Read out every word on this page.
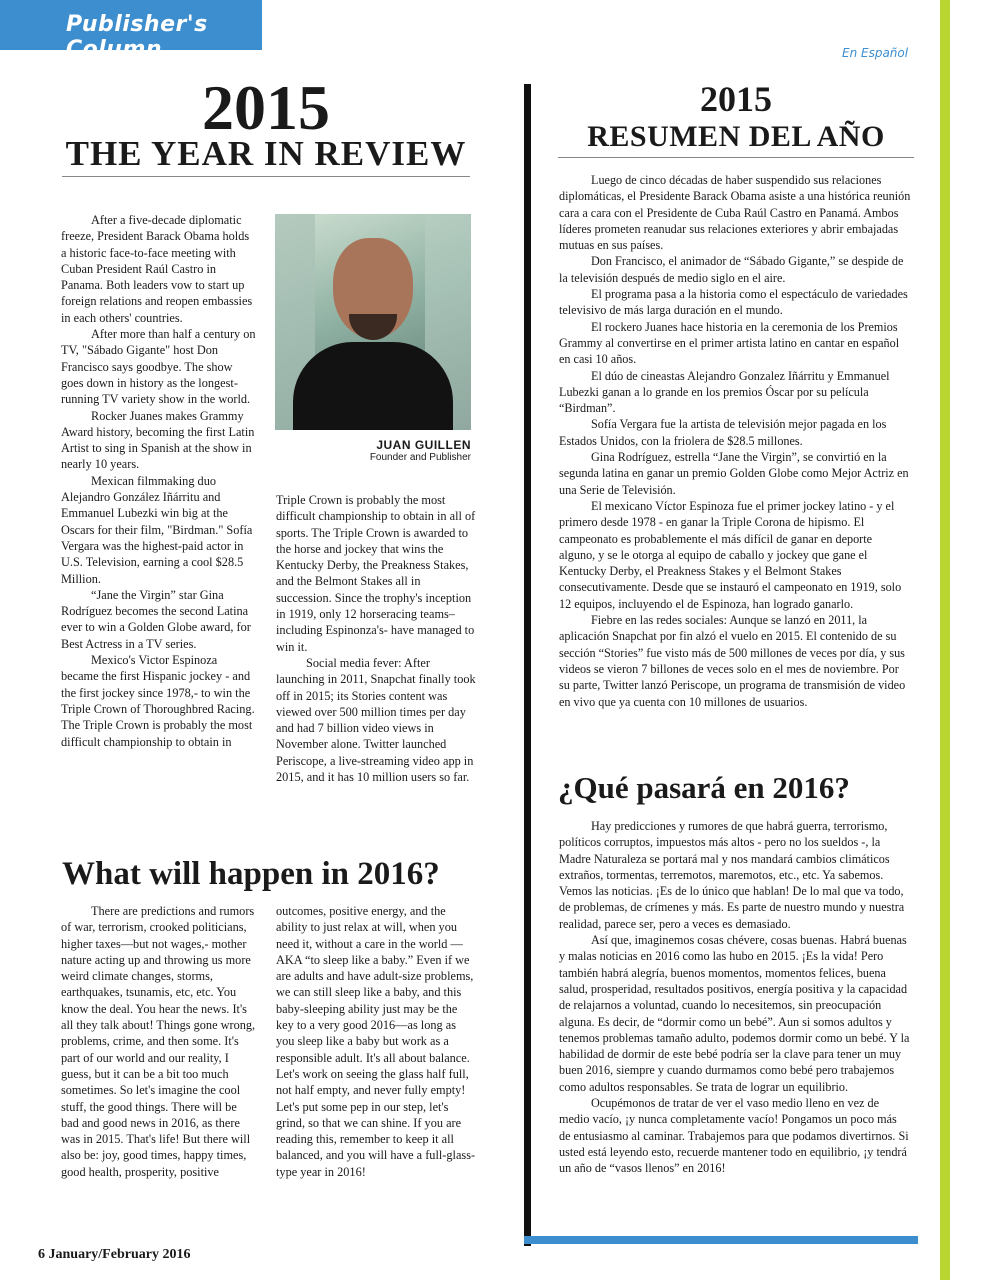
Publisher's Column	En Español
2015
THE YEAR IN REVIEW

After a five-decade diplomatic freeze, President Barack Obama holds a historic face-to-face meeting with Cuban President Raúl Castro in Panama. Both leaders vow to start up foreign relations and reopen embassies in each others' countries.

After more than half a century on TV, "Sábado Gigante" host Don Francisco says goodbye. The show goes down in history as the longest-running TV variety show in the world.

Rocker Juanes makes Grammy Award history, becoming the first Latin Artist to sing in Spanish at the show in nearly 10 years.

Mexican filmmaking duo Alejandro González Iñárritu and Emmanuel Lubezki win big at the Oscars for their film, "Birdman." Sofía Vergara was the highest-paid actor in U.S. Television, earning a cool $28.5 Million.

“Jane the Virgin” star Gina Rodríguez becomes the second Latina ever to win a Golden Globe award, for Best Actress in a TV series.

Mexico's Victor Espinoza became the first Hispanic jockey - and the first jockey since 1978,- to win the Triple Crown of Thoroughbred Racing. The Triple Crown is probably the most difficult championship to obtain in

JUAN GUILLEN
Founder and Publisher

Triple Crown is probably the most difficult championship to obtain in all of sports. The Triple Crown is awarded to the horse and jockey that wins the Kentucky Derby, the Preakness Stakes, and the Belmont Stakes all in succession. Since the trophy's inception in 1919, only 12 horseracing teams– including Espinonza's- have managed to win it.

Social media fever: After launching in 2011, Snapchat finally took off in 2015; its Stories content was viewed over 500 million times per day and had 7 billion video views in November alone. Twitter launched Periscope, a live-streaming video app in 2015, and it has 10 million users so far.

What will happen in 2016?

There are predictions and rumors of war, terrorism, crooked politicians, higher taxes—but not wages,- mother nature acting up and throwing us more weird climate changes, storms, earthquakes, tsunamis, etc, etc. You know the deal. You hear the news. It's all they talk about! Things gone wrong, problems, crime, and then some. It's part of our world and our reality, I guess, but it can be a bit too much sometimes. So let's imagine the cool stuff, the good things. There will be bad and good news in 2016, as there was in 2015. That's life! But there will also be: joy, good times, happy times, good health, prosperity, positive

outcomes, positive energy, and the ability to just relax at will, when you need it, without a care in the world — AKA “to sleep like a baby.” Even if we are adults and have adult-size problems, we can still sleep like a baby, and this baby-sleeping ability just may be the key to a very good 2016—as long as you sleep like a baby but work as a responsible adult. It's all about balance. Let's work on seeing the glass half full, not half empty, and never fully empty! Let's put some pep in our step, let's grind, so that we can shine. If you are reading this, remember to keep it all balanced, and you will have a full-glass-type year in 2016!

2015
RESUMEN DEL AÑO

Luego de cinco décadas de haber suspendido sus relaciones diplomáticas, el Presidente Barack Obama asiste a una histórica reunión cara a cara con el Presidente de Cuba Raúl Castro en Panamá. Ambos líderes prometen reanudar sus relaciones exteriores y abrir embajadas mutuas en sus países.

Don Francisco, el animador de “Sábado Gigante,” se despide de la televisión después de medio siglo en el aire.

El programa pasa a la historia como el espectáculo de variedades televisivo de más larga duración en el mundo.

El rockero Juanes hace historia en la ceremonia de los Premios Grammy al convertirse en el primer artista latino en cantar en español en casi 10 años.

El dúo de cineastas Alejandro Gonzalez Iñárritu y Emmanuel Lubezki ganan a lo grande en los premios Óscar por su película “Birdman”.

Sofía Vergara fue la artista de televisión mejor pagada en los Estados Unidos, con la friolera de $28.5 millones.

Gina Rodríguez, estrella “Jane the Virgin”, se convirtió en la segunda latina en ganar un premio Golden Globe como Mejor Actriz en una Serie de Televisión.

El mexicano Víctor Espinoza fue el primer jockey latino - y el primero desde 1978 - en ganar la Triple Corona de hipismo. El campeonato es probablemente el más difícil de ganar en deporte alguno, y se le otorga al equipo de caballo y jockey que gane el Kentucky Derby, el Preakness Stakes y el Belmont Stakes consecutivamente. Desde que se instauró el campeonato en 1919, solo 12 equipos, incluyendo el de Espinoza, han logrado ganarlo.

Fiebre en las redes sociales: Aunque se lanzó en 2011, la aplicación Snapchat por fin alzó el vuelo en 2015. El contenido de su sección “Stories” fue visto más de 500 millones de veces por día, y sus videos se vieron 7 billones de veces solo en el mes de noviembre. Por su parte, Twitter lanzó Periscope, un programa de transmisión de video en vivo que ya cuenta con 10 millones de usuarios.

¿Qué pasará en 2016?

Hay predicciones y rumores de que habrá guerra, terrorismo, políticos corruptos, impuestos más altos - pero no los sueldos -, la Madre Naturaleza se portará mal y nos mandará cambios climáticos extraños, tormentas, terremotos, maremotos, etc., etc. Ya sabemos. Vemos las noticias. ¡Es de lo único que hablan! De lo mal que va todo, de problemas, de crímenes y más. Es parte de nuestro mundo y nuestra realidad, parece ser, pero a veces es demasiado.

Así que, imaginemos cosas chévere, cosas buenas. Habrá buenas y malas noticias en 2016 como las hubo en 2015. ¡Es la vida! Pero también habrá alegría, buenos momentos, momentos felices, buena salud, prosperidad, resultados positivos, energía positiva y la capacidad de relajarnos a voluntad, cuando lo necesitemos, sin preocupación alguna. Es decir, de “dormir como un bebé”. Aun si somos adultos y tenemos problemas tamaño adulto, podemos dormir como un bebé. Y la habilidad de dormir de este bebé podría ser la clave para tener un muy buen 2016, siempre y cuando durmamos como bebé pero trabajemos como adultos responsables. Se trata de lograr un equilibrio.

Ocupémonos de tratar de ver el vaso medio lleno en vez de medio vacío, ¡y nunca completamente vacío! Pongamos un poco más de entusiasmo al caminar. Trabajemos para que podamos divertirnos. Si usted está leyendo esto, recuerde mantener todo en equilibrio, ¡y tendrá un año de “vasos llenos” en 2016!

6 January/February 2016
